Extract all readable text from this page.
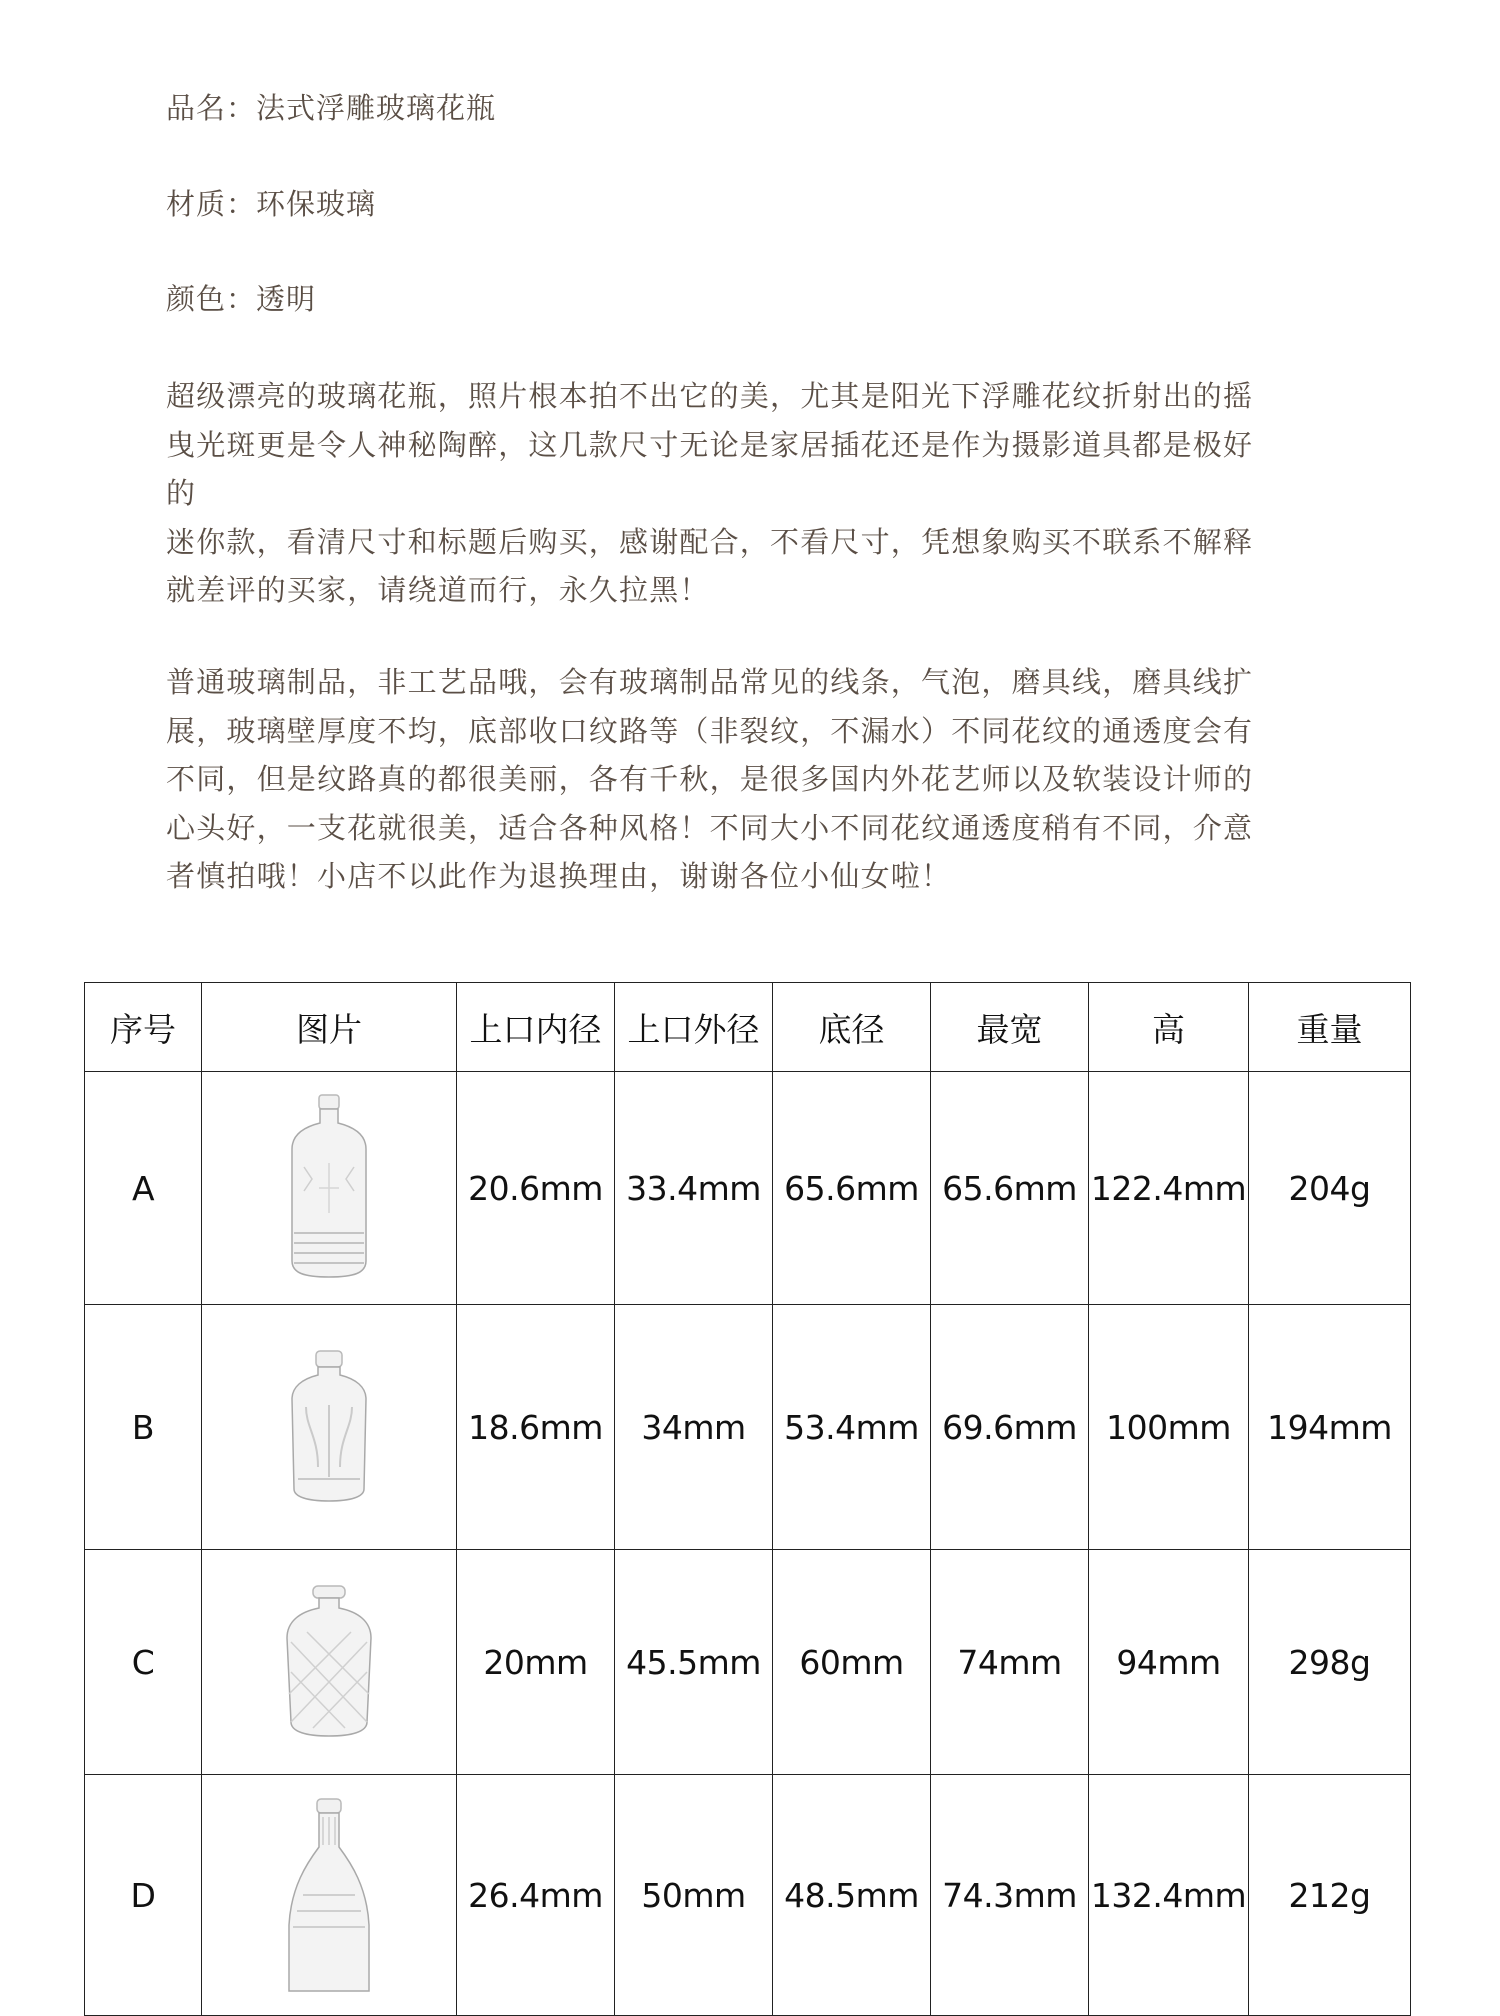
品名：法式浮雕玻璃花瓶
材质：环保玻璃
颜色：透明
超级漂亮的玻璃花瓶，照片根本拍不出它的美，尤其是阳光下浮雕花纹折射出的摇
曳光斑更是令人神秘陶醉，这几款尺寸无论是家居插花还是作为摄影道具都是极好
的
迷你款，看清尺寸和标题后购买，感谢配合，不看尺寸，凭想象购买不联系不解释
就差评的买家，请绕道而行，永久拉黑！
普通玻璃制品，非工艺品哦，会有玻璃制品常见的线条，气泡，磨具线，磨具线扩
展，玻璃壁厚度不均，底部收口纹路等（非裂纹，不漏水）不同花纹的通透度会有
不同，但是纹路真的都很美丽，各有千秋，是很多国内外花艺师以及软装设计师的
心头好，一支花就很美，适合各种风格！不同大小不同花纹通透度稍有不同，介意
者慎拍哦！小店不以此作为退换理由，谢谢各位小仙女啦！
序号	图片	上口内径	上口外径	底径	最宽	高	重量
A		20.6mm	33.4mm	65.6mm	65.6mm	122.4mm	204g
B		18.6mm	34mm	53.4mm	69.6mm	100mm	194mm
C		20mm	45.5mm	60mm	74mm	94mm	298g
D		26.4mm	50mm	48.5mm	74.3mm	132.4mm	212g
